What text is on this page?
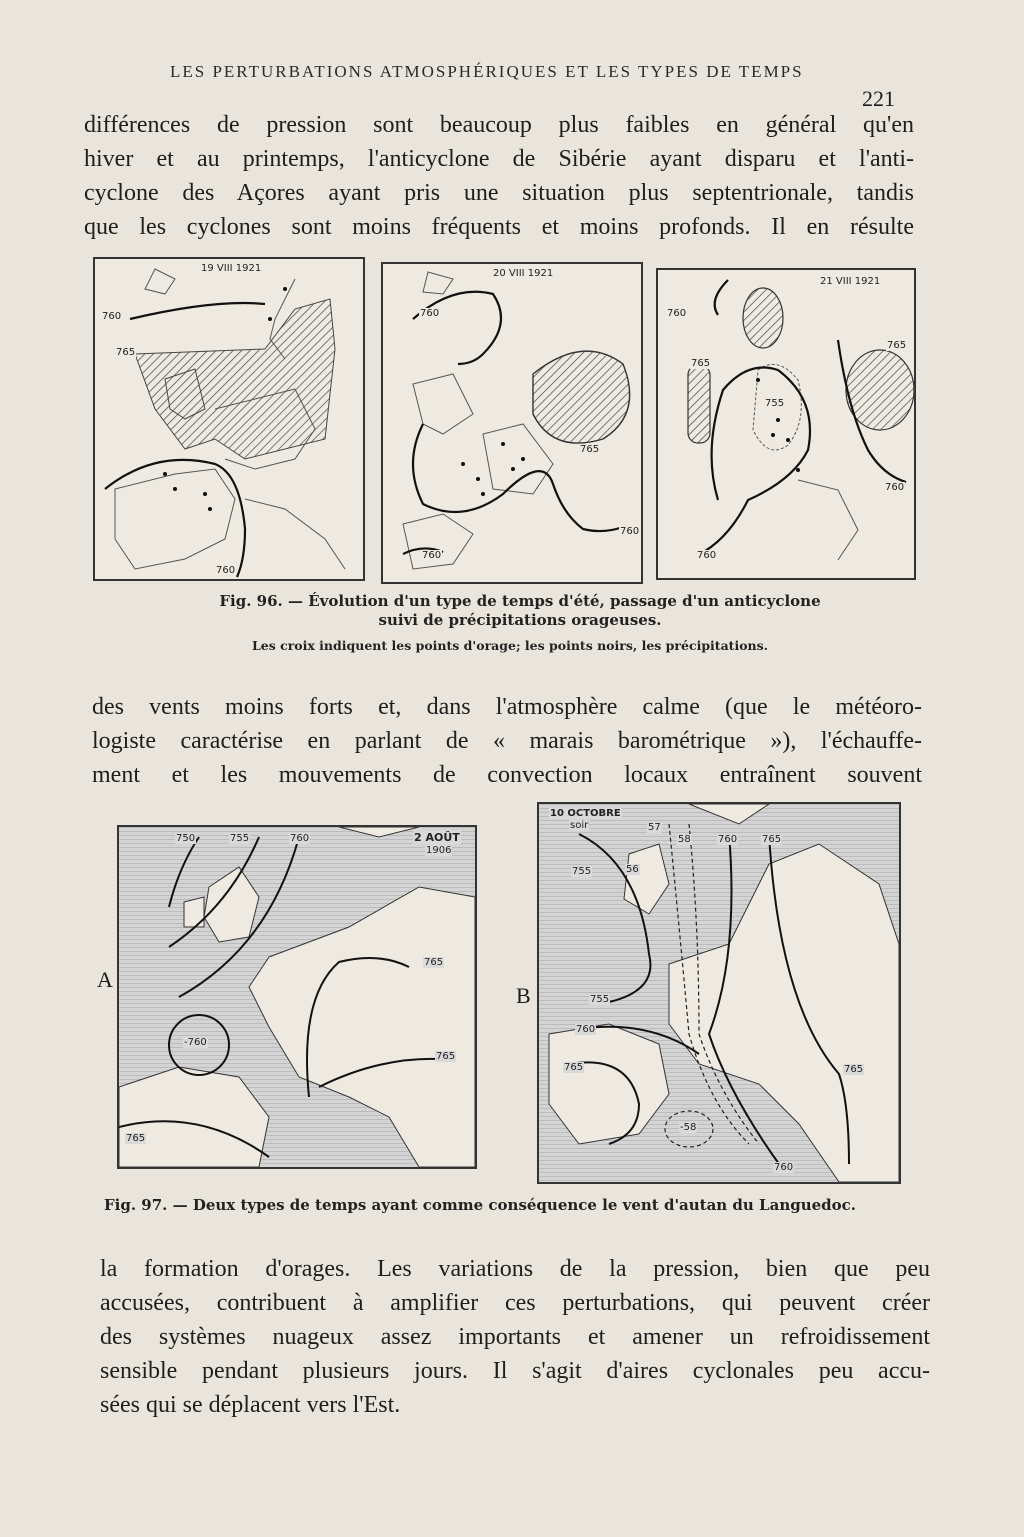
LES PERTURBATIONS ATMOSPHÉRIQUES ET LES TYPES DE TEMPS
221
différences de pression sont beaucoup plus faibles en général qu'en
hiver et au printemps, l'anticyclone de Sibérie ayant disparu et l'anti-
cyclone des Açores ayant pris une situation plus septentrionale, tandis
que les cyclones sont moins fréquents et moins profonds. Il en résulte
19 VIII 1921
760
765
760
20 VIII 1921
760
765
760
760
21 VIII 1921
760
765
765
755
760
760
Fig. 96. — Évolution d'un type de temps d'été, passage d'un anticyclone
suivi de précipitations orageuses.
Les croix indiquent les points d'orage; les points noirs, les précipitations.
des vents moins forts et, dans l'atmosphère calme (que le météoro-
logiste caractérise en parlant de « marais barométrique »), l'échauffe-
ment et les mouvements de convection locaux entraînent souvent
A
2 AOÛT
1906
750	755	760
765
765
-760
765
B
10 OCTOBRE
soir	57
58	760 765
755	56
755
760
765
-58
765
760
Fig. 97. — Deux types de temps ayant comme conséquence le vent d'autan du Languedoc.
la formation d'orages. Les variations de la pression, bien que peu
accusées, contribuent à amplifier ces perturbations, qui peuvent créer
des systèmes nuageux assez importants et amener un refroidissement
sensible pendant plusieurs jours. Il s'agit d'aires cyclonales peu accu-
sées qui se déplacent vers l'Est.
